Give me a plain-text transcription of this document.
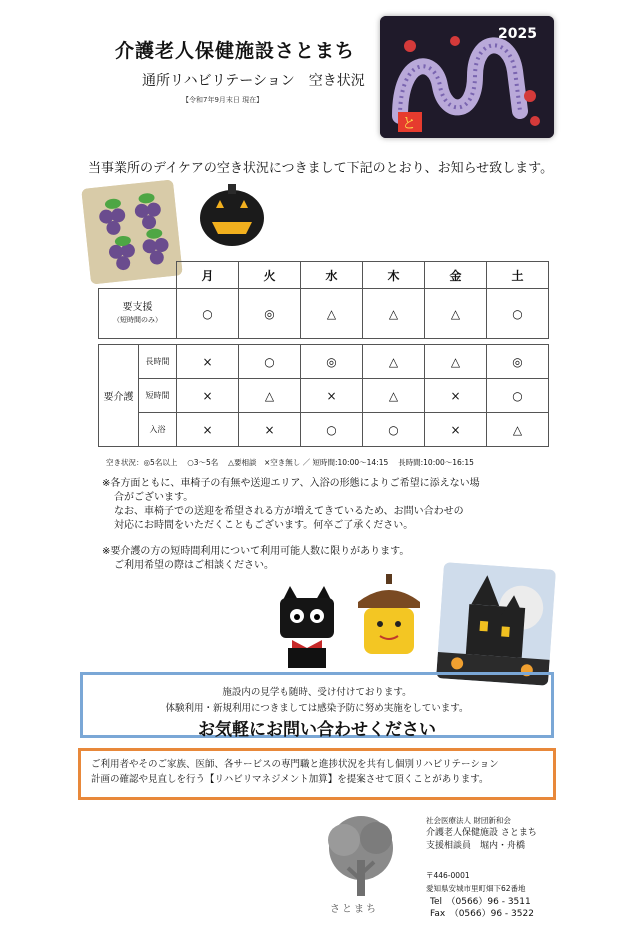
介護老人保健施設さとまち
通所リハビリテーション　空き状況
【令和7年9月末日 現在】
と
2025
当事業所のデイケアの空き状況につきまして下記のとおり、お知らせ致します。
		月	火	水	木	金	土

要支援
（短時間のみ）		○	◎	△	△	△	○

要介護	長時間	×	○	◎	△	△	◎
	短時間	×	△	×	△	×	○
	入浴	×	×	○	○	×	△
空き状況：◎5名以上　 ○3～5名　 △要相談　×空き無し ／ 短時間:10:00～14:15　 長時間:10:00～16:15
※各方面ともに、車椅子の有無や送迎エリア、入浴の形態によりご希望に添えない場
合がございます。
なお、車椅子での送迎を希望される方が増えてきているため、お問い合わせの
対応にお時間をいただくこともございます。何卒ご了承ください。
※要介護の方の短時間利用について利用可能人数に限りがあります。
ご利用希望の際はご相談ください。
施設内の見学も随時、受け付けております。
体験利用・新規利用につきましては感染予防に努め実施をしています。
お気軽にお問い合わせください
ご利用者やそのご家族、医師、各サービスの専門職と進捗状況を共有し個別リハビリテーション
計画の確認や見直しを行う【リハビリマネジメント加算】を提案させて頂くことがあります。
さとまち
社会医療法人 財団新和会
介護老人保健施設 さとまち
支援相談員　堀内・舟橋
〒446-0001
愛知県安城市里町畑下62番地
Tel　（0566）96 - 3511
Fax　（0566）96 - 3522
